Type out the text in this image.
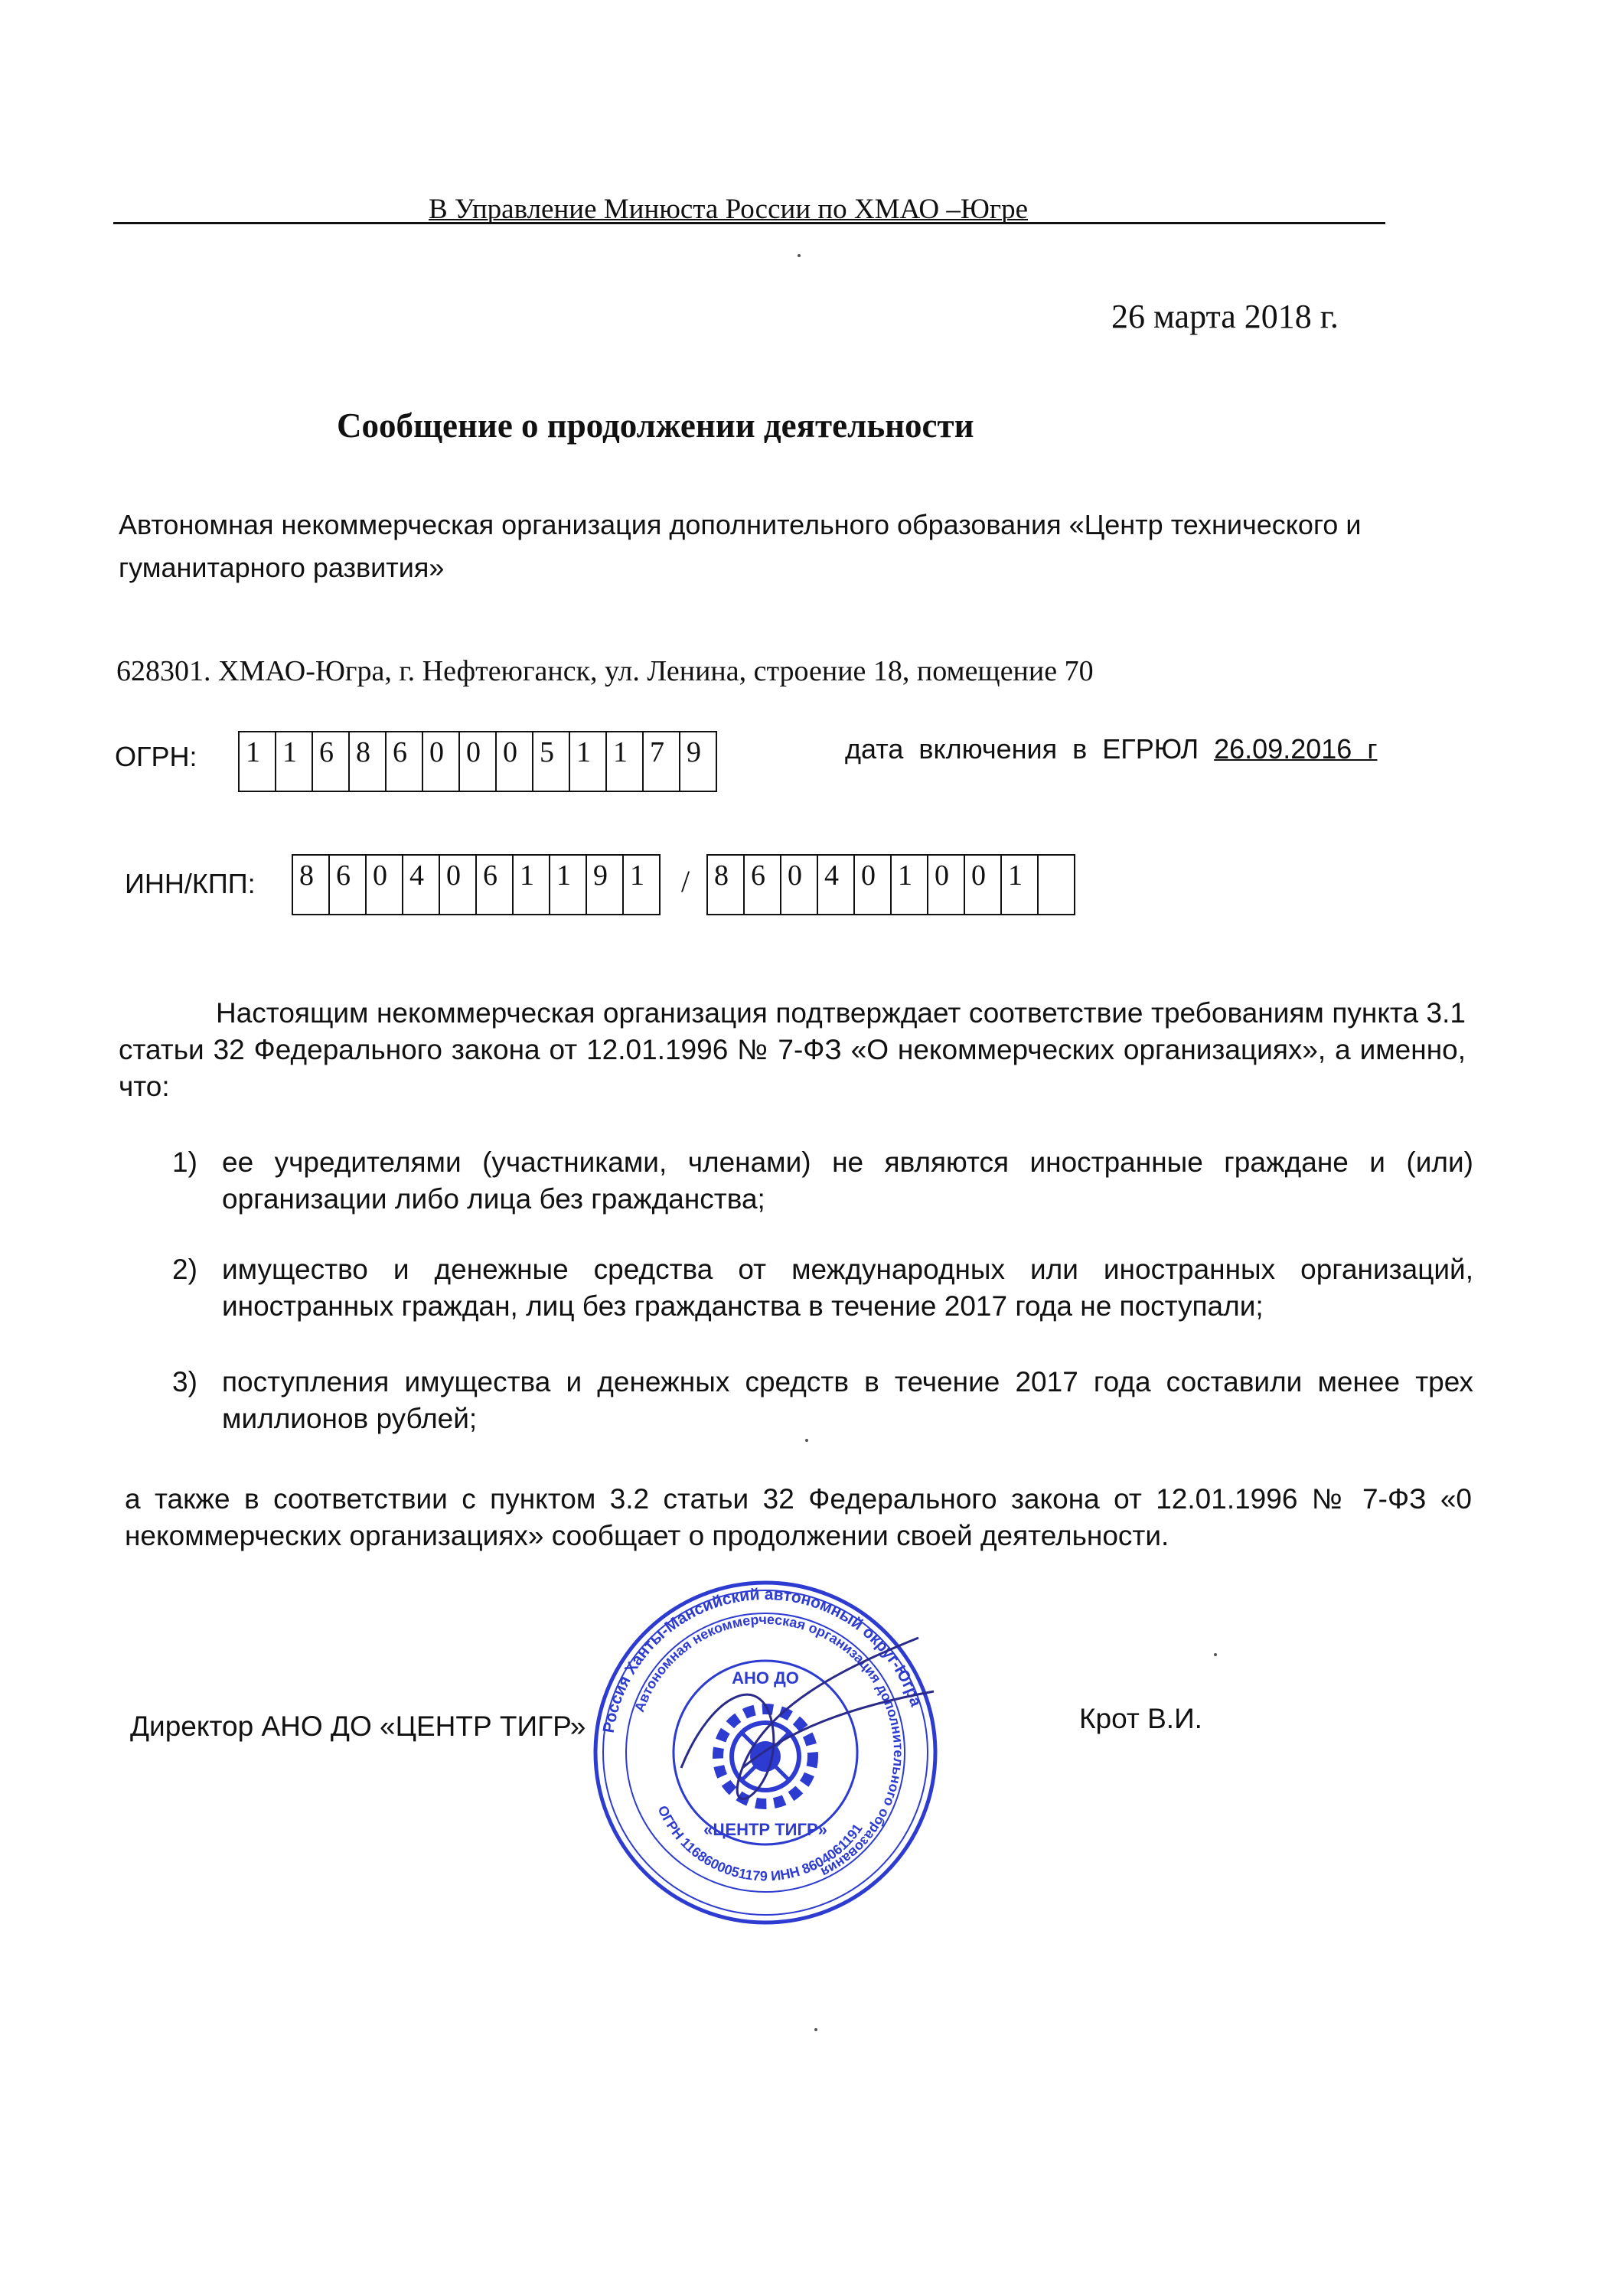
В Управление Минюста России по ХМАО –Югре
26 марта 2018 г.
Сообщение о продолжении деятельности
Автономная некоммерческая организация дополнительного образования «Центр технического и гуманитарного развития»
628301. ХМАО-Югра, г. Нефтеюганск, ул. Ленина, строение 18, помещение 70
ОГРН: 1 1 6 8 6 0 0 0 5 1 1 7 9	дата включения в ЕГРЮЛ 26.09.2016 г
ИНН/КПП: 8 6 0 4 0 6 1 1 9 1	/ 8 6 0 4 0 1 0 0 1
Настоящим некоммерческая организация подтверждает соответствие требованиям пункта 3.1 статьи 32 Федерального закона от 12.01.1996 № 7-ФЗ «О некоммерческих организациях», а именно, что:
1) ее учредителями (участниками, членами) не являются иностранные граждане и (или) организации либо лица без гражданства;
2) имущество и денежные средства от международных или иностранных организаций, иностранных граждан, лиц без гражданства в течение 2017 года не поступали;
3) поступления имущества и денежных средств в течение 2017 года составили менее трех миллионов рублей;
а также в соответствии с пунктом 3.2 статьи 32 Федерального закона от 12.01.1996 № 7-ФЗ «0 некоммерческих организациях» сообщает о продолжении своей деятельности.
Директор АНО ДО «ЦЕНТР ТИГР»	Крот В.И.
Россия Ханты-Мансийский автономный округ-Югра
Автономная некоммерческая организация дополнительного образования
ОГРН 1168600051179 ИНН 8604061191
АНО ДО
«ЦЕНТР ТИГР»
